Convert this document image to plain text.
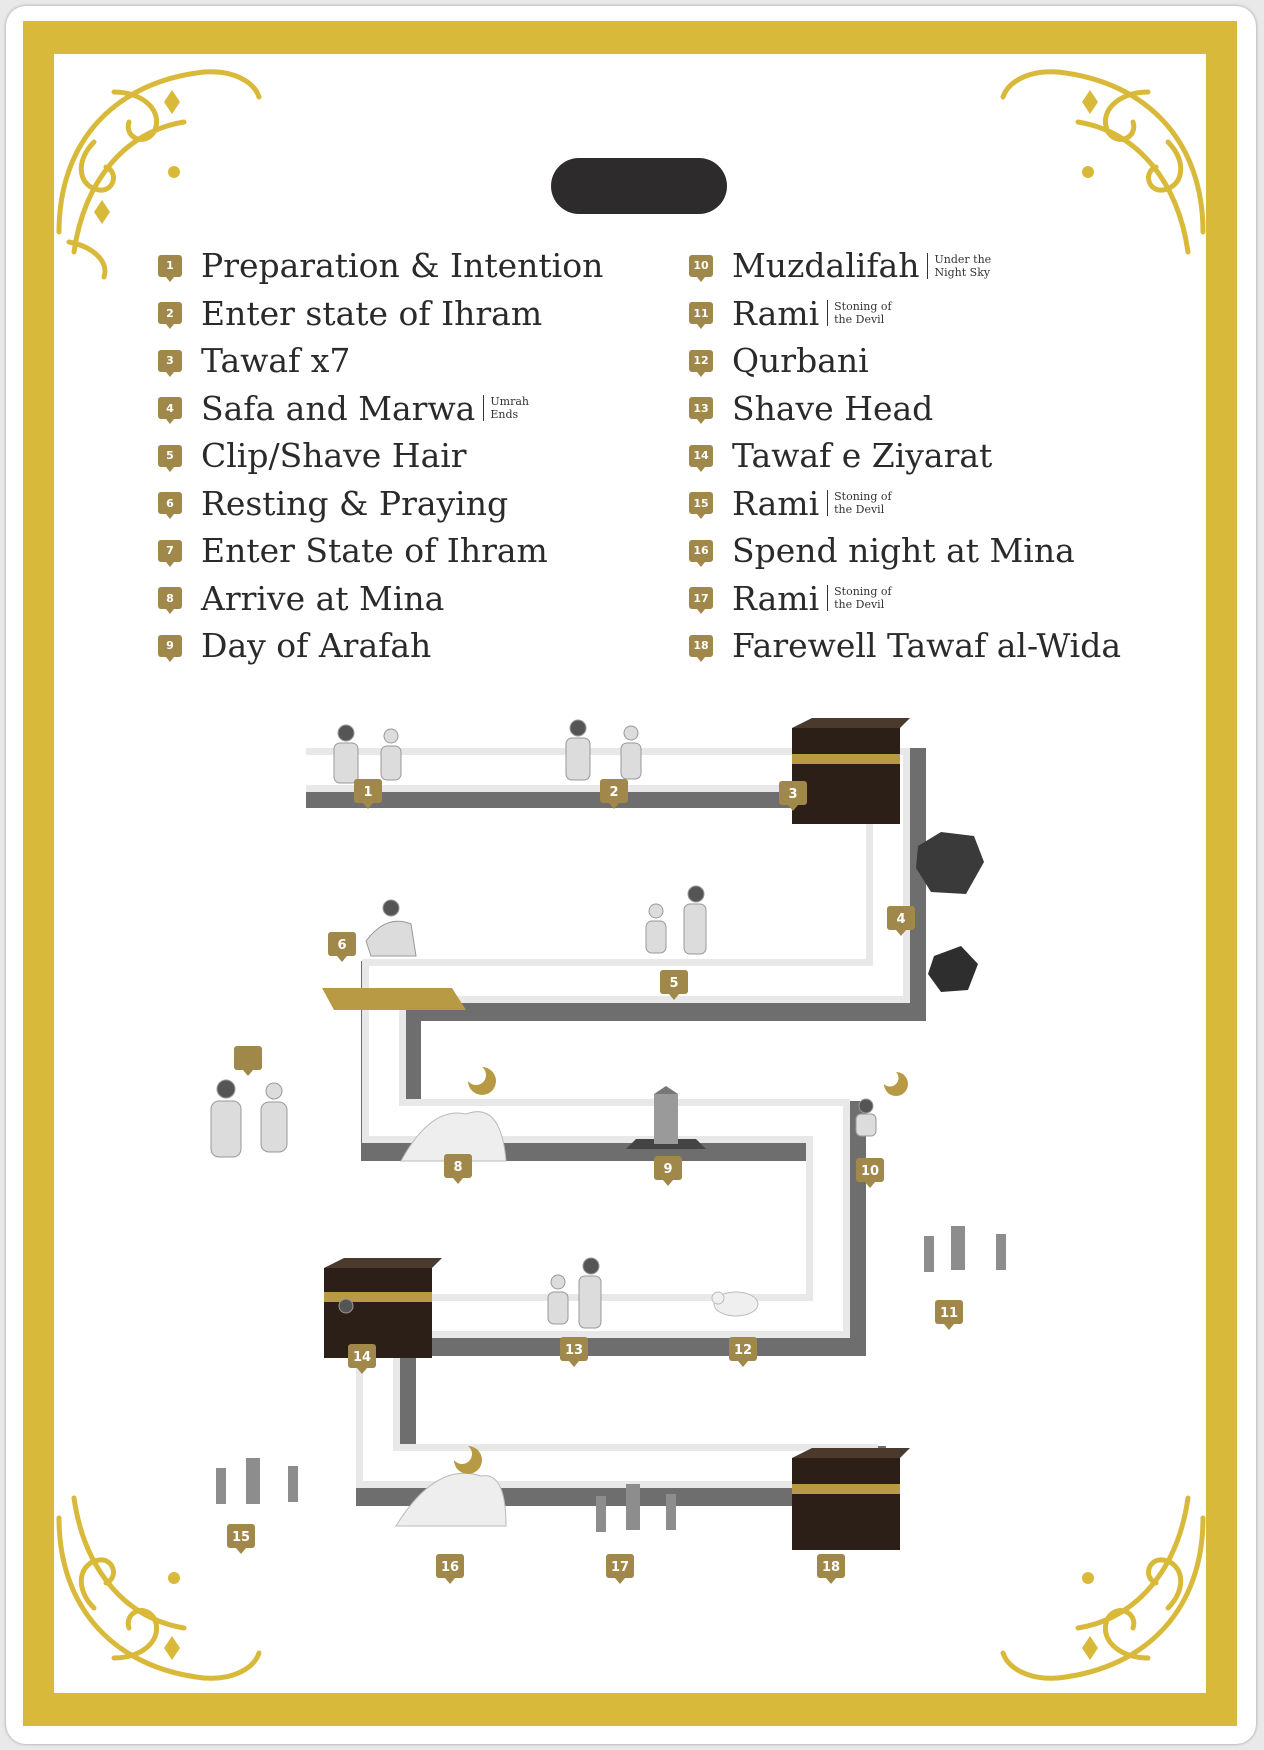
1 Preparation & Intention
2 Enter state of Ihram
3 Tawaf x7
4 Safa and Marwa	Umrah Ends
5 Clip/Shave Hair
6 Resting & Praying
7 Enter State of Ihram
8 Arrive at Mina
9 Day of Arafah
10 Muzdalifah	Under the Night Sky
11 Rami	Stoning of the Devil
12 Qurbani
13 Shave Head
14 Tawaf e Ziyarat
15 Rami	Stoning of the Devil
16 Spend night at Mina
17 Rami	Stoning of the Devil
18 Farewell Tawaf al-Wida
1	2	3
4
5
6
8	9	10
11
12
13
14
15
16	17	18
